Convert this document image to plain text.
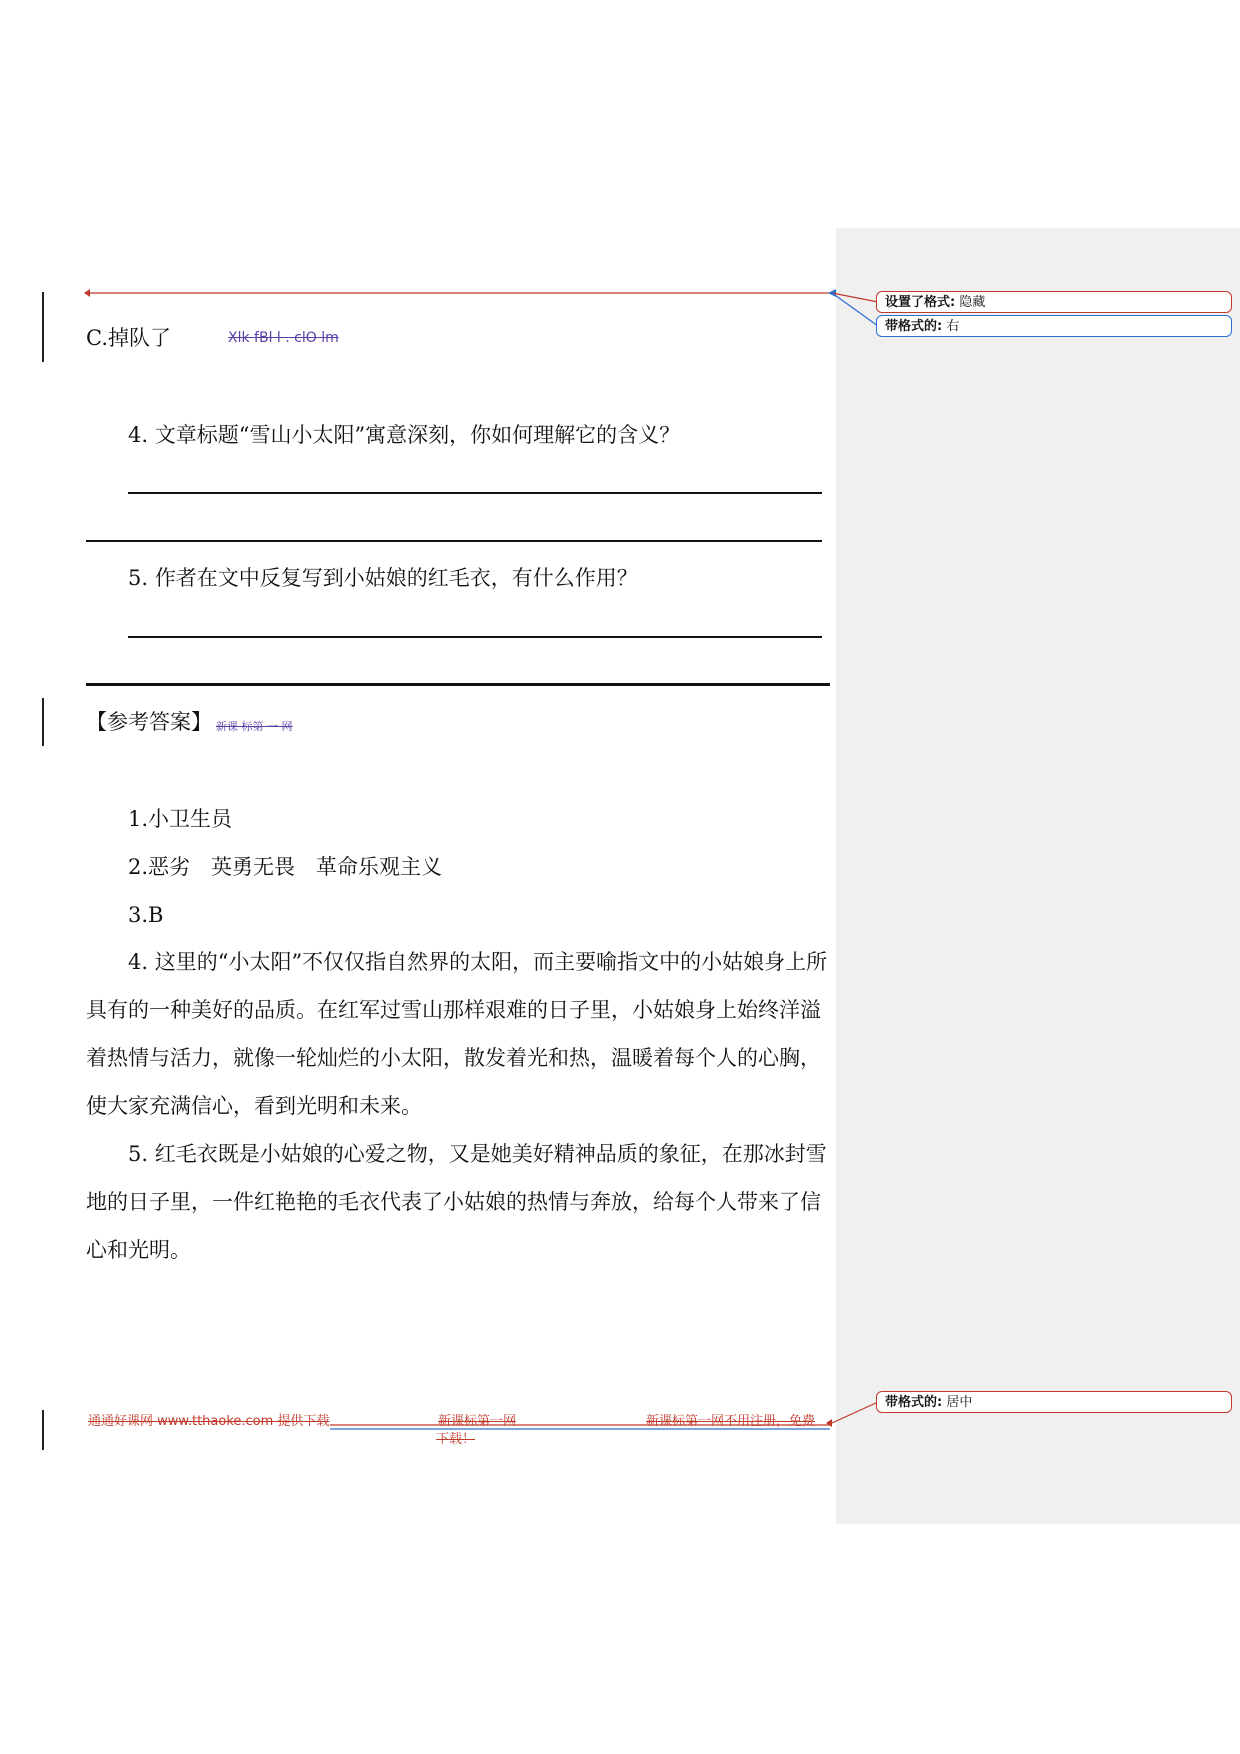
C.掉队了	Xlk fBl l . clO lm
4. 文章标题“雪山小太阳”寓意深刻，你如何理解它的含义？
5. 作者在文中反复写到小姑娘的红毛衣，有什么作用？
【参考答案】 新课 标第 一 网
1.小卫生员
2.恶劣　英勇无畏　革命乐观主义
3.B
4. 这里的“小太阳”不仅仅指自然界的太阳，而主要喻指文中的小姑娘身上所具有的一种美好的品质。在红军过雪山那样艰难的日子里，小姑娘身上始终洋溢着热情与活力，就像一轮灿烂的小太阳，散发着光和热，温暖着每个人的心胸，使大家充满信心，看到光明和未来。
5. 红毛衣既是小姑娘的心爱之物，又是她美好精神品质的象征，在那冰封雪地的日子里，一件红艳艳的毛衣代表了小姑娘的热情与奔放，给每个人带来了信心和光明。
通通好课网 www.tthaoke.com 提供下载	新课标第一网
下载！
新课标第一网不用注册，免费
设置了格式: 隐藏
带格式的: 右
带格式的: 居中
